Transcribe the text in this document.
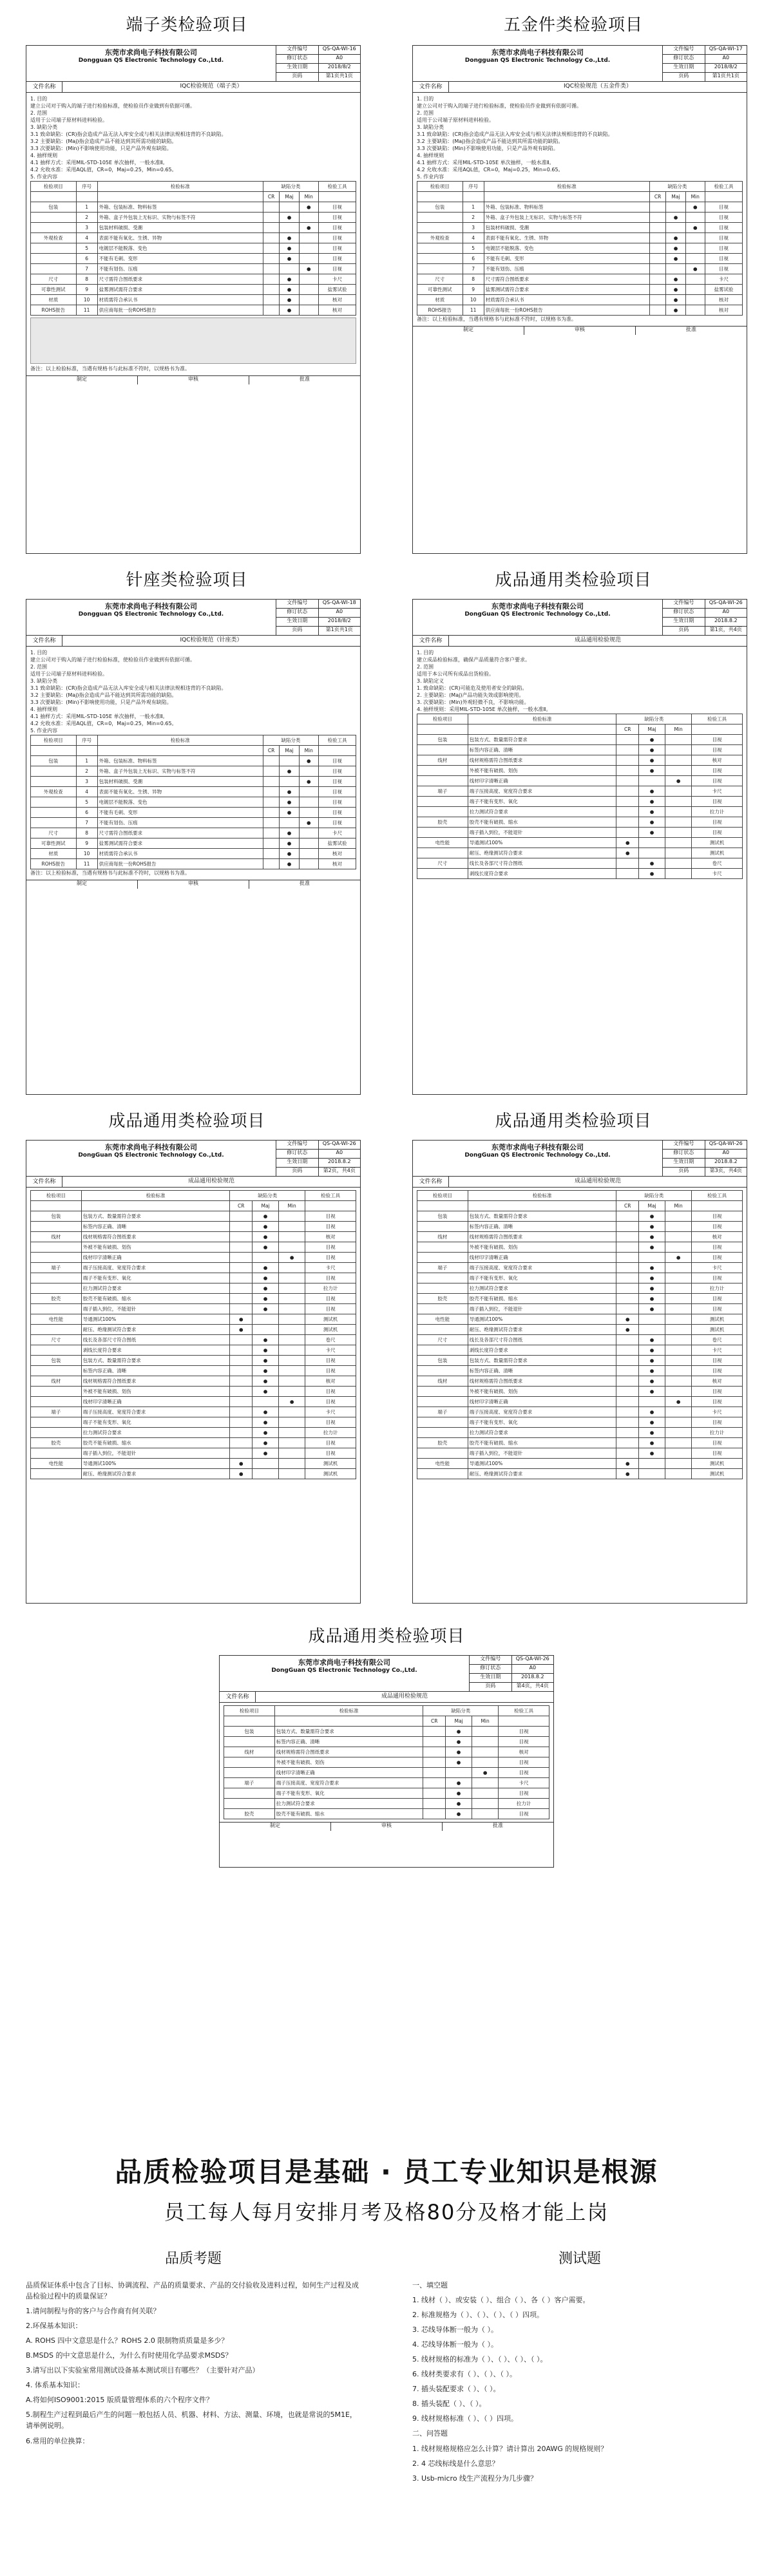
端子类检验项目	五金件类检验项目
东莞市求尚电子科技有限公司
Dongguan QS Electronic Technology Co.,Ltd.
文件编号	QS-QA-WI-16
修订状态	A0
生效日期	2018/8/2
页码	第1页共1页
文件名称	IQC检验规范（端子类）

1. 目的

建立公司对于购入的端子进行检验标准，使检验员作业做到有依据可循。

2. 范围

适用于公司端子原材料进料检验。

3. 缺陷分类

3.1 致命缺陷：(CR)指会造成产品无法入库安全或与相关法律法规相违背的不良缺陷。

3.2 主要缺陷：(Maj)指会造成产品不能达到其所需功能的缺陷。

3.3 次要缺陷：(Min)不影响使用功能，只是产品外观有缺陷。

4. 抽样规则

4.1 抽样方式：采用MIL-STD-105E 单次抽样，一般水准Ⅱ。

4.2 允收水准：采用AQL值，CR=0，Maj=0.25，Min=0.65。

5. 作业内容

检验项目	序号	检验标准	缺陷分类			检验工具
			CR	Maj	Min	
包装	1	外箱、包装标准、物料标签			●	目视
	2	外箱、盒子外包装上无标识、实物与标签不符		●		目视
	3	包装材料破损、受潮			●	目视
外观检查	4	表面不能有氧化、生锈、异物		●		目视
	5	电镀层不能脱落、变色		●		目视
	6	不能有毛刺、变形		●		目视
	7	不能有划伤、压痕			●	目视
尺寸	8	尺寸需符合图纸要求		●		卡尺
可靠性测试	9	盐雾测试需符合要求		●		盐雾试验
材质	10	材质需符合承认书		●		核对
ROHS报告	11	供应商每批一份ROHS报告		●		核对

备注：以上检验标准，当遇有规格书与此标准不符时，以规格书为准。

制定	审核	批准
东莞市求尚电子科技有限公司
Dongguan QS Electronic Technology Co.,Ltd.
文件编号	QS-QA-WI-17
修订状态	A0
生效日期	2018/8/2
页码	第1页共1页
文件名称	IQC检验规范（五金件类）

1. 目的

建立公司对于购入的端子进行检验标准，使检验员作业做到有依据可循。

2. 范围

适用于公司端子原材料进料检验。

3. 缺陷分类

3.1 致命缺陷：(CR)指会造成产品无法入库安全或与相关法律法规相违背的不良缺陷。

3.2 主要缺陷：(Maj)指会造成产品不能达到其所需功能的缺陷。

3.3 次要缺陷：(Min)不影响使用功能，只是产品外观有缺陷。

4. 抽样规则

4.1 抽样方式：采用MIL-STD-105E 单次抽样，一般水准Ⅱ。

4.2 允收水准：采用AQL值，CR=0，Maj=0.25，Min=0.65。

5. 作业内容

检验项目	序号	检验标准	缺陷分类			检验工具
			CR	Maj	Min	
包装	1	外箱、包装标准、物料标签			●	目视
	2	外箱、盒子外包装上无标识、实物与标签不符		●		目视
	3	包装材料破损、受潮			●	目视
外观检查	4	表面不能有氧化、生锈、异物		●		目视
	5	电镀层不能脱落、变色		●		目视
	6	不能有毛刺、变形		●		目视
	7	不能有划伤、压痕			●	目视
尺寸	8	尺寸需符合图纸要求		●		卡尺
可靠性测试	9	盐雾测试需符合要求		●		盐雾试验
材质	10	材质需符合承认书		●		核对
ROHS报告	11	供应商每批一份ROHS报告		●		核对

备注：以上检验标准，当遇有规格书与此标准不符时，以规格书为准。

制定	审核	批准
针座类检验项目	成品通用类检验项目
东莞市求尚电子科技有限公司
Dongguan QS Electronic Technology Co.,Ltd.
文件编号	QS-QA-WI-18
修订状态	A0
生效日期	2018/8/2
页码	第1页共1页
文件名称	IQC检验规范（针座类）

1. 目的

建立公司对于购入的端子进行检验标准，使检验员作业做到有依据可循。

2. 范围

适用于公司端子原材料进料检验。

3. 缺陷分类

3.1 致命缺陷：(CR)指会造成产品无法入库安全或与相关法律法规相违背的不良缺陷。

3.2 主要缺陷：(Maj)指会造成产品不能达到其所需功能的缺陷。

3.3 次要缺陷：(Min)不影响使用功能，只是产品外观有缺陷。

4. 抽样规则

4.1 抽样方式：采用MIL-STD-105E 单次抽样，一般水准Ⅱ。

4.2 允收水准：采用AQL值，CR=0，Maj=0.25，Min=0.65。

5. 作业内容

检验项目	序号	检验标准	缺陷分类			检验工具
			CR	Maj	Min	
包装	1	外箱、包装标准、物料标签			●	目视
	2	外箱、盒子外包装上无标识、实物与标签不符		●		目视
	3	包装材料破损、受潮			●	目视
外观检查	4	表面不能有氧化、生锈、异物		●		目视
	5	电镀层不能脱落、变色		●		目视
	6	不能有毛刺、变形		●		目视
	7	不能有划伤、压痕			●	目视
尺寸	8	尺寸需符合图纸要求		●		卡尺
可靠性测试	9	盐雾测试需符合要求		●		盐雾试验
材质	10	材质需符合承认书		●		核对
ROHS报告	11	供应商每批一份ROHS报告		●		核对

备注：以上检验标准，当遇有规格书与此标准不符时，以规格书为准。

制定	审核	批准
东莞市求尚电子科技有限公司
DongGuan QS Electronic Technology Co.,Ltd.
文件编号	QS-QA-WI-26
修订状态	A0
生效日期	2018.8.2
页码	第1页，共4页
文件名称	成品通用检验规范

1. 目的

建立成品检验标准，确保产品质量符合客户要求。

2. 范围

适用于本公司所有成品出货检验。

3. 缺陷定义

1. 致命缺陷：(CR)可能危及使用者安全的缺陷。

2. 主要缺陷：(Maj)产品功能失效或影响使用。

3. 次要缺陷：(Min)外观轻微不良，不影响功能。

4. 抽样规则：采用MIL-STD-105E 单次抽样，一般水准Ⅱ。

检验项目	检验标准	缺陷分类			检验工具
		CR	Maj	Min	
包装	包装方式、数量需符合要求		●		目视
	标签内容正确、清晰		●		目视
线材	线材规格需符合图纸要求		●		核对
	外被不能有破损、划伤		●		目视
	线材印字清晰正确			●	目视
端子	端子压接高度、宽度符合要求		●		卡尺
	端子不能有变形、氧化		●		目视
	拉力测试符合要求		●		拉力计
胶壳	胶壳不能有破损、缩水		●		目视
	端子插入到位，不能退针		●		目视
电性能	导通测试100%	●			测试机
	耐压、绝缘测试符合要求	●			测试机
尺寸	线长及各部尺寸符合图纸		●		卷尺
	剥线长度符合要求		●		卡尺
成品通用类检验项目	成品通用类检验项目
东莞市求尚电子科技有限公司
DongGuan QS Electronic Technology Co.,Ltd.
文件编号	QS-QA-WI-26
修订状态	A0
生效日期	2018.8.2
页码	第2页，共4页
文件名称	成品通用检验规范
检验项目	检验标准	缺陷分类			检验工具
		CR	Maj	Min	
包装	包装方式、数量需符合要求		●		目视
	标签内容正确、清晰		●		目视
线材	线材规格需符合图纸要求		●		核对
	外被不能有破损、划伤		●		目视
	线材印字清晰正确			●	目视
端子	端子压接高度、宽度符合要求		●		卡尺
	端子不能有变形、氧化		●		目视
	拉力测试符合要求		●		拉力计
胶壳	胶壳不能有破损、缩水		●		目视
	端子插入到位，不能退针		●		目视
电性能	导通测试100%	●			测试机
	耐压、绝缘测试符合要求	●			测试机
尺寸	线长及各部尺寸符合图纸		●		卷尺
	剥线长度符合要求		●		卡尺
包装	包装方式、数量需符合要求		●		目视
	标签内容正确、清晰		●		目视
线材	线材规格需符合图纸要求		●		核对
	外被不能有破损、划伤		●		目视
	线材印字清晰正确			●	目视
端子	端子压接高度、宽度符合要求		●		卡尺
	端子不能有变形、氧化		●		目视
	拉力测试符合要求		●		拉力计
胶壳	胶壳不能有破损、缩水		●		目视
	端子插入到位，不能退针		●		目视
电性能	导通测试100%	●			测试机
	耐压、绝缘测试符合要求	●			测试机
东莞市求尚电子科技有限公司
DongGuan QS Electronic Technology Co.,Ltd.
文件编号	QS-QA-WI-26
修订状态	A0
生效日期	2018.8.2
页码	第3页，共4页
文件名称	成品通用检验规范
检验项目	检验标准	缺陷分类			检验工具
		CR	Maj	Min	
包装	包装方式、数量需符合要求		●		目视
	标签内容正确、清晰		●		目视
线材	线材规格需符合图纸要求		●		核对
	外被不能有破损、划伤		●		目视
	线材印字清晰正确			●	目视
端子	端子压接高度、宽度符合要求		●		卡尺
	端子不能有变形、氧化		●		目视
	拉力测试符合要求		●		拉力计
胶壳	胶壳不能有破损、缩水		●		目视
	端子插入到位，不能退针		●		目视
电性能	导通测试100%	●			测试机
	耐压、绝缘测试符合要求	●			测试机
尺寸	线长及各部尺寸符合图纸		●		卷尺
	剥线长度符合要求		●		卡尺
包装	包装方式、数量需符合要求		●		目视
	标签内容正确、清晰		●		目视
线材	线材规格需符合图纸要求		●		核对
	外被不能有破损、划伤		●		目视
	线材印字清晰正确			●	目视
端子	端子压接高度、宽度符合要求		●		卡尺
	端子不能有变形、氧化		●		目视
	拉力测试符合要求		●		拉力计
胶壳	胶壳不能有破损、缩水		●		目视
	端子插入到位，不能退针		●		目视
电性能	导通测试100%	●			测试机
	耐压、绝缘测试符合要求	●			测试机
成品通用类检验项目
东莞市求尚电子科技有限公司
DongGuan QS Electronic Technology Co.,Ltd.
文件编号	QS-QA-WI-26
修订状态	A0
生效日期	2018.8.2
页码	第4页，共4页
文件名称	成品通用检验规范
检验项目	检验标准	缺陷分类			检验工具
		CR	Maj	Min	
包装	包装方式、数量需符合要求		●		目视
	标签内容正确、清晰		●		目视
线材	线材规格需符合图纸要求		●		核对
	外被不能有破损、划伤		●		目视
	线材印字清晰正确			●	目视
端子	端子压接高度、宽度符合要求		●		卡尺
	端子不能有变形、氧化		●		目视
	拉力测试符合要求		●		拉力计
胶壳	胶壳不能有破损、缩水		●		目视
制定	审核	批准
品质检验项目是基础 · 员工专业知识是根源
员工每人每月安排月考及格80分及格才能上岗
品质考题	测试题

品质保证体系中包含了目标、协调流程、产品的质量要求、产品的交付验收及进料过程，如何生产过程及成品检验过程中的质量保证？

1.请问制程与你的客户与合作商有何关联？

2.环保基本知识：

A. ROHS 四中文意思是什么？ROHS 2.0 限制物质质量是多少？

B.MSDS 的中文意思是什么，为什么有时使用化学品要求MSDS？

3.请写出以下实验室常用测试设备基本测试项目有哪些？（主要针对产品）

4. 体系基本知识：

A.将如何ISO9001:2015 版质量管理体系的六个程序文件？

5.制程生产过程到最后产生的问题一般包括人员、机器、材料、方法、测量、环境，也就是常说的5M1E，请举例说明。

6.常用的单位换算：

一、填空题

1. 线材（ ）、或安装（ ）、组合（ ）、各（ ）客户需要。

2. 标准规格为（ ）、（ ）、（ ）、（ ）四项。

3. 芯线导体断一般为（ ）。

4. 芯线导体断一般为（ ）。

5. 线材规格的标准为（ ）、（ ）、（ ）、（ ）。

6. 线材类要求有（ ）、（ ）、（ ）。

7. 插头装配要求（ ）、（ ）。

8. 插头装配（ ）、（ ）。

9. 线材规格标准（ ）、（ ）四项。

二、问答题

1. 线材规格规格应怎么计算？请计算出 20AWG 的规格规则？

2. 4 芯线标线是什么意思？

3. Usb-micro 线生产流程分为几步骤？
